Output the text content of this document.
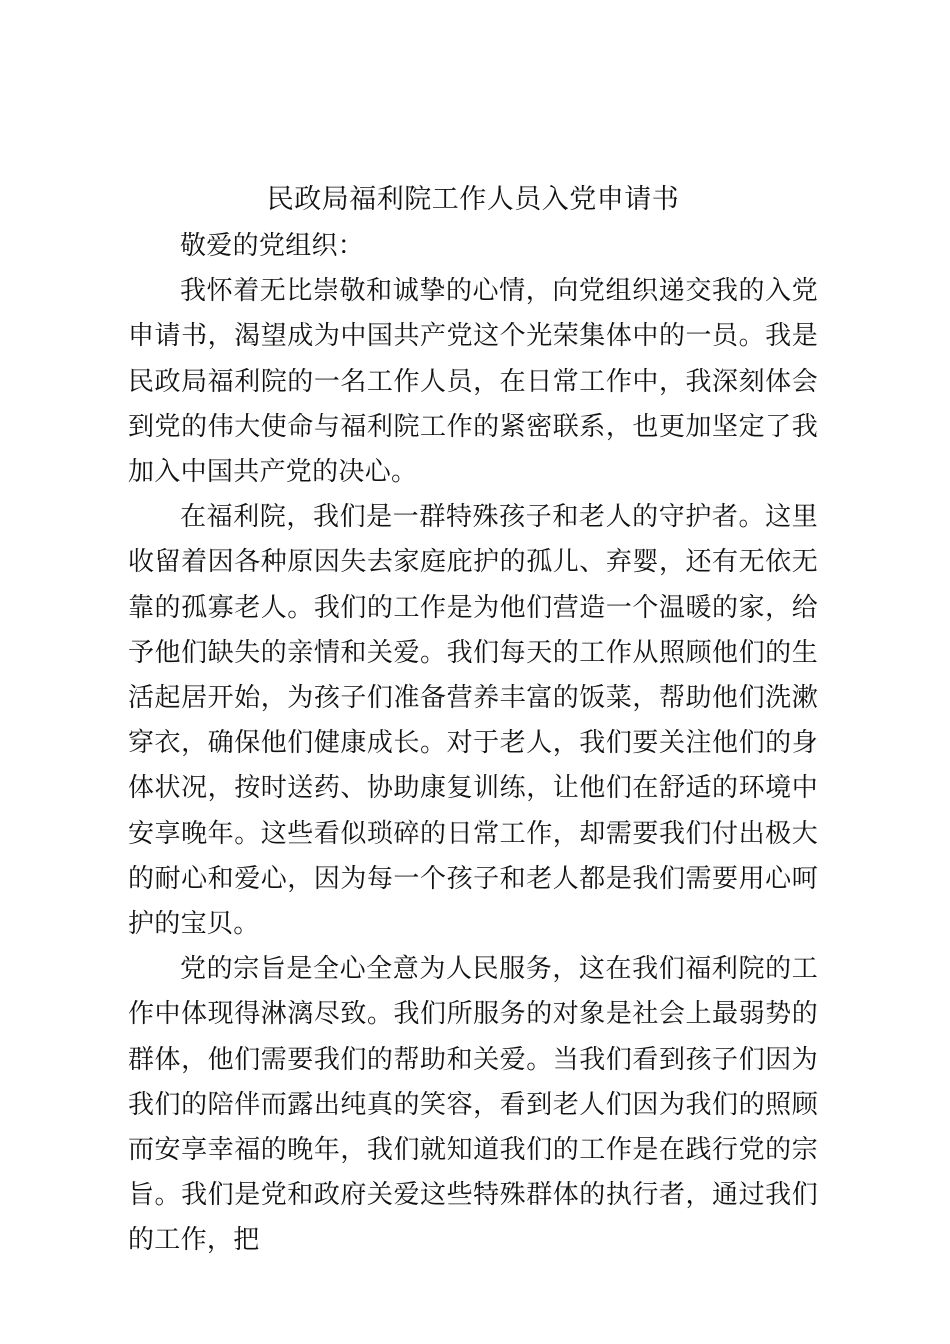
民政局福利院工作人员入党申请书

敬爱的党组织：

我怀着无比崇敬和诚挚的心情，向党组织递交我的入党申请书，渴望成为中国共产党这个光荣集体中的一员。我是民政局福利院的一名工作人员，在日常工作中，我深刻体会到党的伟大使命与福利院工作的紧密联系，也更加坚定了我加入中国共产党的决心。

在福利院，我们是一群特殊孩子和老人的守护者。这里收留着因各种原因失去家庭庇护的孤儿、弃婴，还有无依无靠的孤寡老人。我们的工作是为他们营造一个温暖的家，给予他们缺失的亲情和关爱。我们每天的工作从照顾他们的生活起居开始，为孩子们准备营养丰富的饭菜，帮助他们洗漱穿衣，确保他们健康成长。对于老人，我们要关注他们的身体状况，按时送药、协助康复训练，让他们在舒适的环境中安享晚年。这些看似琐碎的日常工作，却需要我们付出极大的耐心和爱心，因为每一个孩子和老人都是我们需要用心呵护的宝贝。

党的宗旨是全心全意为人民服务，这在我们福利院的工作中体现得淋漓尽致。我们所服务的对象是社会上最弱势的群体，他们需要我们的帮助和关爱。当我们看到孩子们因为我们的陪伴而露出纯真的笑容，看到老人们因为我们的照顾而安享幸福的晚年，我们就知道我们的工作是在践行党的宗旨。我们是党和政府关爱这些特殊群体的执行者，通过我们的工作，把
